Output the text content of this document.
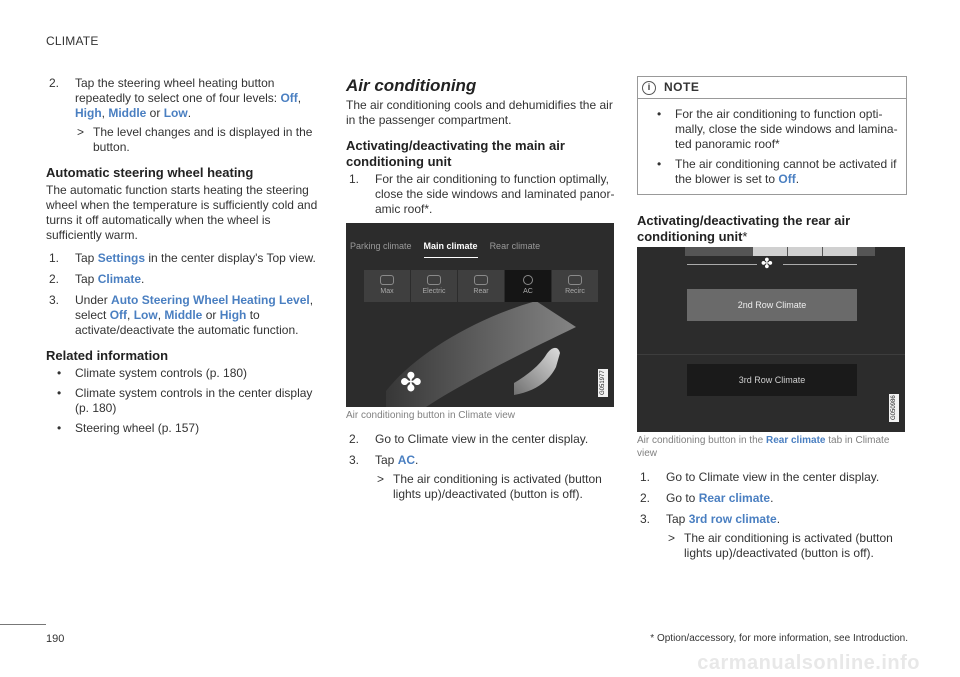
CLIMATE
2. Tap the steering wheel heating button repeatedly to select one of four levels: Off, High, Middle or Low.
> The level changes and is displayed in the button.
Automatic steering wheel heating

The automatic function starts heating the steering wheel when the temperature is sufficiently cold and turns it off automatically when the wheel is sufficiently warm.

1. Tap Settings in the center display's Top view.
2. Tap Climate.
3. Under Auto Steering Wheel Heating Level, select Off, Low, Middle or High to activate/deactivate the automatic function.
Related information
• Climate system controls (p. 180)
• Climate system controls in the center display (p. 180)
• Steering wheel (p. 157)
Air conditioning

The air conditioning cools and dehumidifies the air in the passenger compartment.

Activating/deactivating the main air conditioning unit
1. For the air conditioning to function optimally, close the side windows and laminated panoramic roof*.
Parking climate Main climate Rear climate
Max	Electric	Rear	AC	Recirc
✤	G051977
Air conditioning button in Climate view
2. Go to Climate view in the center display.
3. Tap AC.
> The air conditioning is activated (button lights up)/deactivated (button is off).
i	NOTE
• For the air conditioning to function optimally, close the side windows and laminated panoramic roof*
• The air conditioning cannot be activated if the blower is set to Off.
Activating/deactivating the rear air conditioning unit*
✤
2nd Row Climate
3rd Row Climate
G050986
Air conditioning button in the Rear climate tab in Climate view
1. Go to Climate view in the center display.
2. Go to Rear climate.
3. Tap 3rd row climate.
> The air conditioning is activated (button lights up)/deactivated (button is off).
190	* Option/accessory, for more information, see Introduction.
carmanualsonline.info
